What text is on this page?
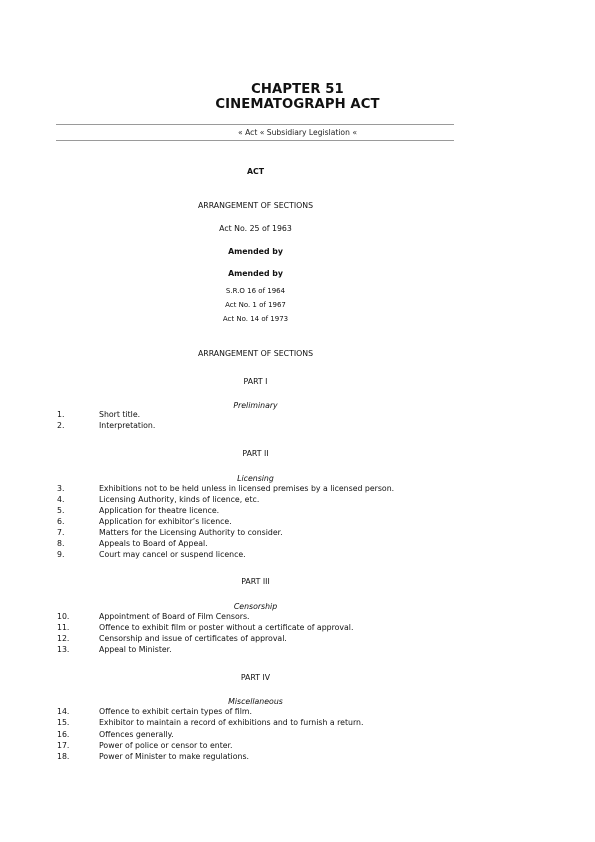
CHAPTER 51
CINEMATOGRAPH ACT
« Act « Subsidiary Legislation «
ACT
ARRANGEMENT OF SECTIONS
Act No. 25 of 1963
Amended by
Amended by
S.R.O 16 of 1964
Act No. 1 of 1967
Act No. 14 of 1973
ARRANGEMENT OF SECTIONS
PART I
Preliminary
1.	Short title.
2.	Interpretation.
PART II
Licensing
3.	Exhibitions not to be held unless in licensed premises by a licensed person.
4.	Licensing Authority, kinds of licence, etc.
5.	Application for theatre licence.
6.	Application for exhibitor’s licence.
7.	Matters for the Licensing Authority to consider.
8.	Appeals to Board of Appeal.
9.	Court may cancel or suspend licence.
PART III
Censorship
10.	Appointment of Board of Film Censors.
11.	Offence to exhibit film or poster without a certificate of approval.
12.	Censorship and issue of certificates of approval.
13.	Appeal to Minister.
PART IV
Miscellaneous
14.	Offence to exhibit certain types of film.
15.	Exhibitor to maintain a record of exhibitions and to furnish a return.
16.	Offences generally.
17.	Power of police or censor to enter.
18.	Power of Minister to make regulations.
